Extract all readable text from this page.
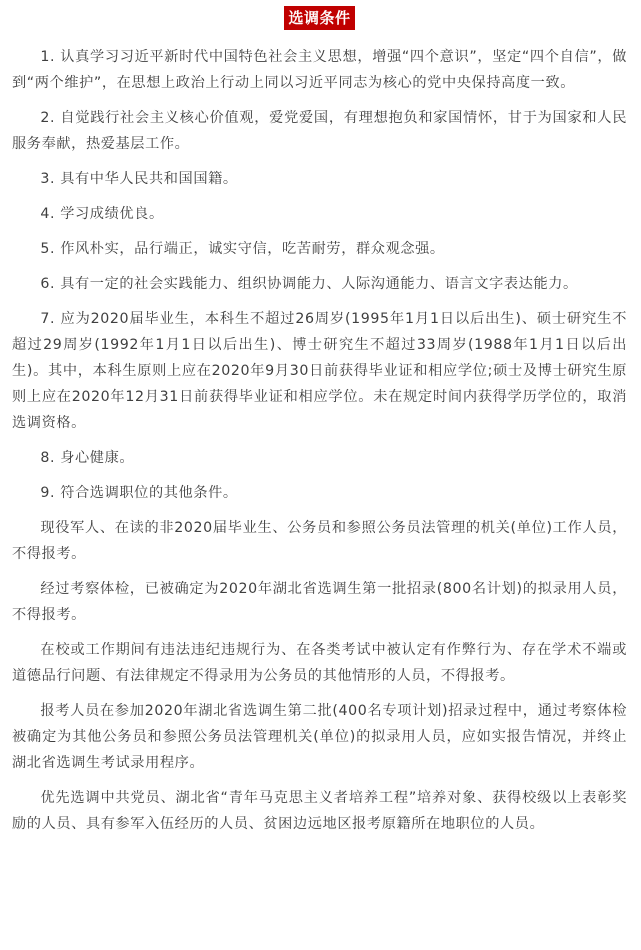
选调条件

1. 认真学习习近平新时代中国特色社会主义思想，增强“四个意识”，坚定“四个自信”，做到“两个维护”，在思想上政治上行动上同以习近平同志为核心的党中央保持高度一致。

2. 自觉践行社会主义核心价值观，爱党爱国，有理想抱负和家国情怀，甘于为国家和人民服务奉献，热爱基层工作。

3. 具有中华人民共和国国籍。

4. 学习成绩优良。

5. 作风朴实，品行端正，诚实守信，吃苦耐劳，群众观念强。

6. 具有一定的社会实践能力、组织协调能力、人际沟通能力、语言文字表达能力。

7. 应为2020届毕业生，本科生不超过26周岁(1995年1月1日以后出生)、硕士研究生不超过29周岁(1992年1月1日以后出生)、博士研究生不超过33周岁(1988年1月1日以后出生)。其中，本科生原则上应在2020年9月30日前获得毕业证和相应学位;硕士及博士研究生原则上应在2020年12月31日前获得毕业证和相应学位。未在规定时间内获得学历学位的，取消选调资格。

8. 身心健康。

9. 符合选调职位的其他条件。

现役军人、在读的非2020届毕业生、公务员和参照公务员法管理的机关(单位)工作人员，不得报考。

经过考察体检，已被确定为2020年湖北省选调生第一批招录(800名计划)的拟录用人员，不得报考。

在校或工作期间有违法违纪违规行为、在各类考试中被认定有作弊行为、存在学术不端或道德品行问题、有法律规定不得录用为公务员的其他情形的人员，不得报考。

报考人员在参加2020年湖北省选调生第二批(400名专项计划)招录过程中，通过考察体检被确定为其他公务员和参照公务员法管理机关(单位)的拟录用人员，应如实报告情况，并终止湖北省选调生考试录用程序。

优先选调中共党员、湖北省“青年马克思主义者培养工程”培养对象、获得校级以上表彰奖励的人员、具有参军入伍经历的人员、贫困边远地区报考原籍所在地职位的人员。
